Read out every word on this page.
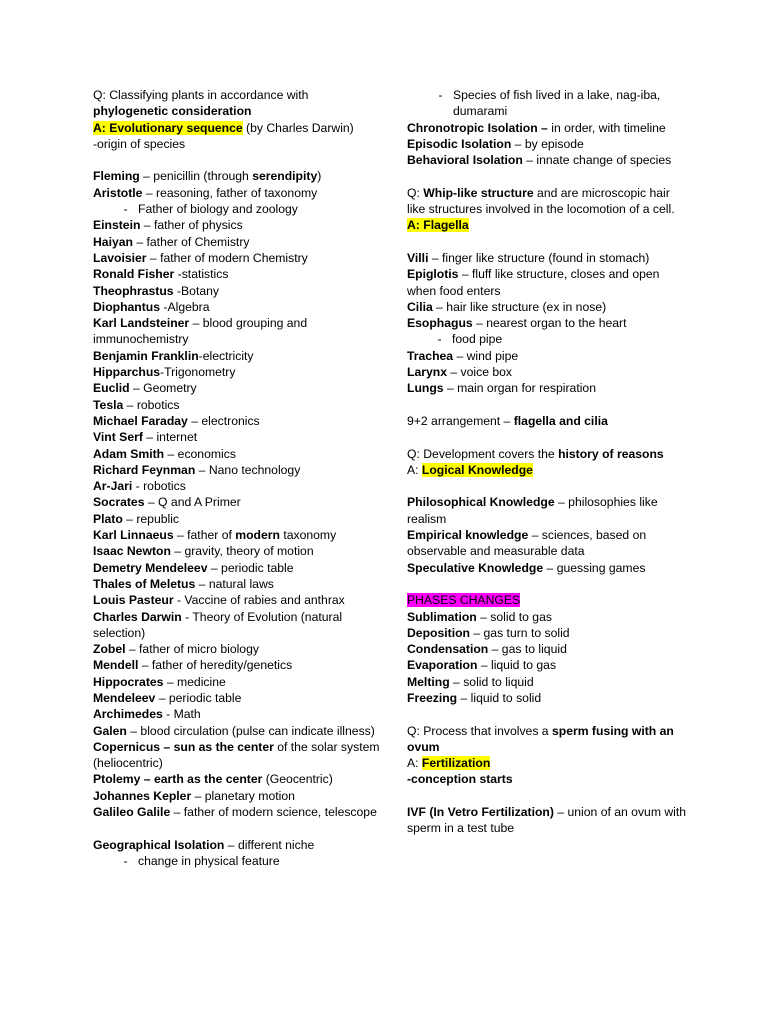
Q: Classifying plants in accordance with
phylogenetic consideration
A: Evolutionary sequence (by Charles Darwin)
-origin of species
Fleming – penicillin (through serendipity)
Aristotle – reasoning, father of taxonomy
- Father of biology and zoology
Einstein – father of physics
Haiyan – father of Chemistry
Lavoisier – father of modern Chemistry
Ronald Fisher -statistics
Theophrastus -Botany
Diophantus -Algebra
Karl Landsteiner – blood grouping and immunochemistry
Benjamin Franklin-electricity
Hipparchus-Trigonometry
Euclid – Geometry
Tesla – robotics
Michael Faraday – electronics
Vint Serf – internet
Adam Smith – economics
Richard Feynman – Nano technology
Ar-Jari - robotics
Socrates – Q and A Primer
Plato – republic
Karl Linnaeus – father of modern taxonomy
Isaac Newton – gravity, theory of motion
Demetry Mendeleev – periodic table
Thales of Meletus – natural laws
Louis Pasteur - Vaccine of rabies and anthrax
Charles Darwin - Theory of Evolution (natural selection)
Zobel – father of micro biology
Mendell – father of heredity/genetics
Hippocrates – medicine
Mendeleev – periodic table
Archimedes - Math
Galen – blood circulation (pulse can indicate illness)
Copernicus – sun as the center of the solar system (heliocentric)
Ptolemy – earth as the center (Geocentric)
Johannes Kepler – planetary motion
Galileo Galile – father of modern science, telescope
Geographical Isolation – different niche
- change in physical feature
- Species of fish lived in a lake, nag-iba, dumarami
Chronotropic Isolation – in order, with timeline
Episodic Isolation – by episode
Behavioral Isolation – innate change of species
Q: Whip-like structure and are microscopic hair like structures involved in the locomotion of a cell.
A: Flagella
Villi – finger like structure (found in stomach)
Epiglotis – fluff like structure, closes and open when food enters
Cilia – hair like structure (ex in nose)
Esophagus – nearest organ to the heart
- food pipe
Trachea – wind pipe
Larynx – voice box
Lungs – main organ for respiration
9+2 arrangement – flagella and cilia
Q: Development covers the history of reasons
A: Logical Knowledge
Philosophical Knowledge – philosophies like realism
Empirical knowledge – sciences, based on observable and measurable data
Speculative Knowledge – guessing games
PHASES CHANGES
Sublimation – solid to gas
Deposition – gas turn to solid
Condensation – gas to liquid
Evaporation – liquid to gas
Melting – solid to liquid
Freezing – liquid to solid
Q: Process that involves a sperm fusing with an ovum
A: Fertilization
-conception starts
IVF (In Vetro Fertilization) – union of an ovum with sperm in a test tube
